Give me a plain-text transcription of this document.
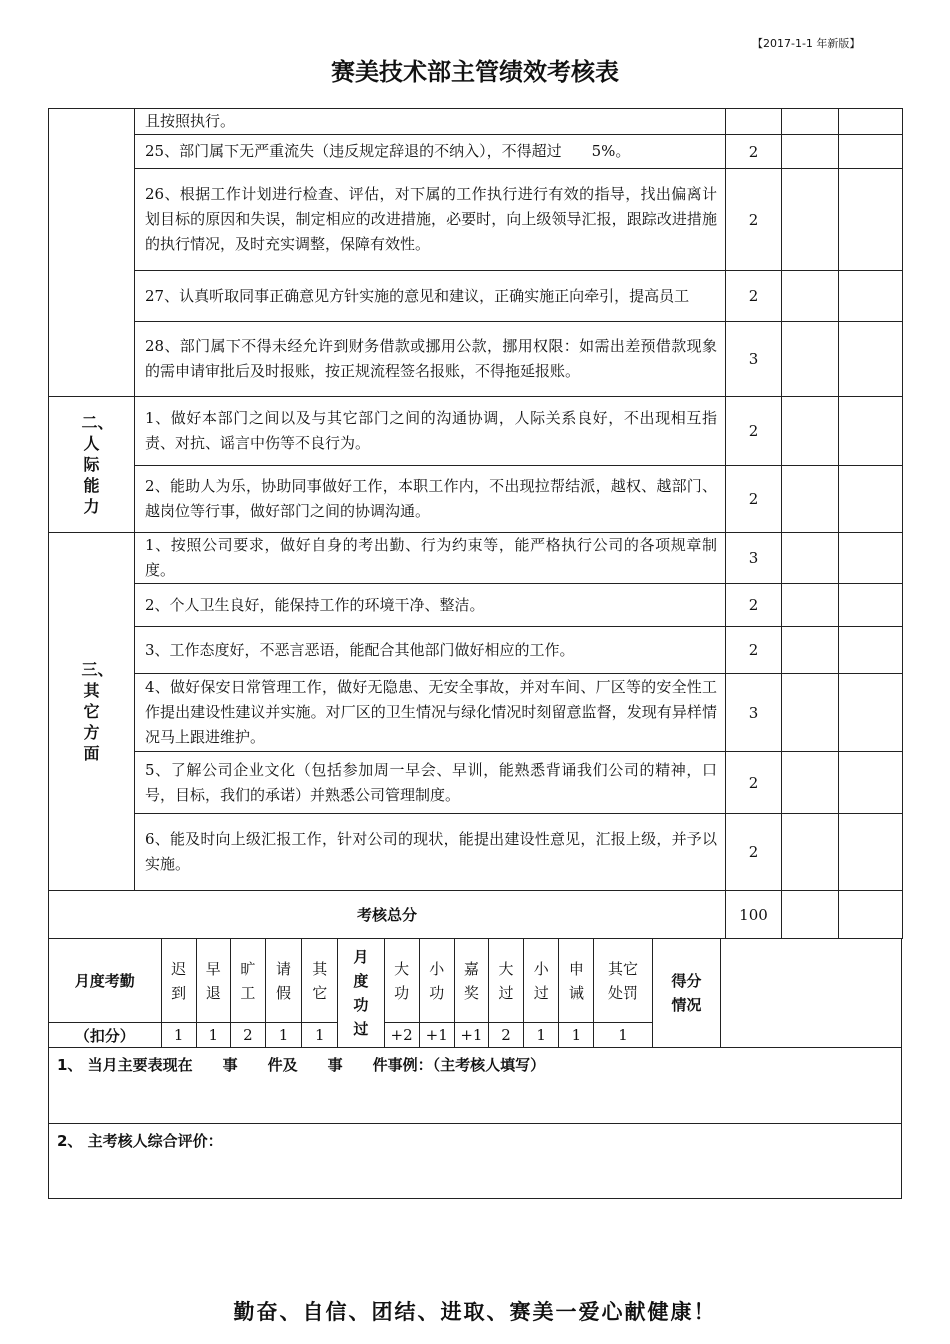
【2017-1-1 年新版】
赛美技术部主管绩效考核表
	且按照执行。			
	25、部门属下无严重流失（违反规定辞退的不纳入），不得超过　　5%。	2		
	26、根据工作计划进行检查、评估，对下属的工作执行进行有效的指导，找出偏离计划目标的原因和失误，制定相应的改进措施，必要时，向上级领导汇报，跟踪改进措施的执行情况，及时充实调整，保障有效性。	2		
	27、认真听取同事正确意见方针实施的意见和建议，正确实施正向牵引，提高员工	2		
	28、部门属下不得未经允许到财务借款或挪用公款，挪用权限：如需出差预借款现象的需申请审批后及时报账，按正规流程签名报账，不得拖延报账。	3		

二、人际能力	1、做好本部门之间以及与其它部门之间的沟通协调，人际关系良好，不出现相互指责、对抗、谣言中伤等不良行为。	2		
	2、能助人为乐，协助同事做好工作，本职工作内，不出现拉帮结派，越权、越部门、越岗位等行事，做好部门之间的协调沟通。	2		

三、其它方面	1、按照公司要求，做好自身的考出勤、行为约束等，能严格执行公司的各项规章制度。	3		
	2、个人卫生良好，能保持工作的环境干净、整洁。	2		
	3、工作态度好，不恶言恶语，能配合其他部门做好相应的工作。	2		
	4、做好保安日常管理工作，做好无隐患、无安全事故，并对车间、厂区等的安全性工作提出建设性建议并实施。对厂区的卫生情况与绿化情况时刻留意监督，发现有异样情况马上跟进维护。	3		
	5、了解公司企业文化（包括参加周一早会、早训，能熟悉背诵我们公司的精神，口号，目标，我们的承诺）并熟悉公司管理制度。	2		
	6、能及时向上级汇报工作，针对公司的现状，能提出建设性意见，汇报上级，并予以实施。	2		
考核总分		100		
月度考勤	迟到	早退	旷工	请假	其它	月度功过	大功	小功	嘉奖	大过	小过	申诫	其它处罚	得分情况	

（扣分）	1	1	2	1	1		+2	+1	+1	2	1	1	1		
1、 当月主要表现在　　事　　件及　　事　　件事例：（主考核人填写）
2、 主考核人综合评价：
勤奋、自信、团结、进取、赛美一爱心献健康！
